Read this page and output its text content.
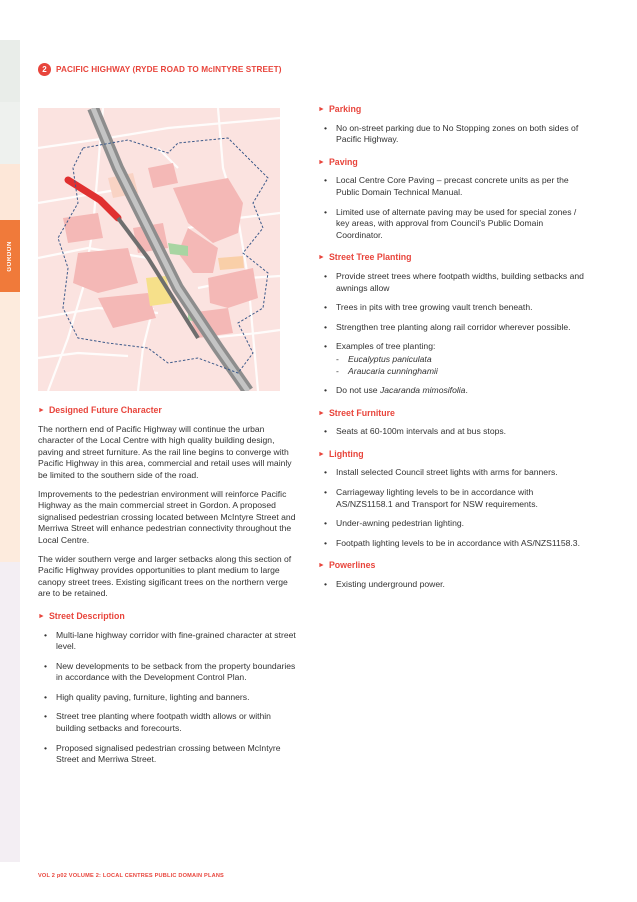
GORDON
2	PACIFIC HIGHWAY (RYDE ROAD TO McINTYRE STREET)
► Designed Future Character

The northern end of Pacific Highway will continue the urban character of the Local Centre with high quality building design, paving and street furniture. As the rail line begins to converge with Pacific Highway in this area, commercial and retail uses will mainly be limited to the southern side of the road.

Improvements to the pedestrian environment will reinforce Pacific Highway as the main commercial street in Gordon. A proposed signalised pedestrian crossing located between McIntyre Street and Merriwa Street will enhance pedestrian connectivity throughout the Local Centre.

The wider southern verge and larger setbacks along this section of Pacific Highway provides opportunities to plant medium to large canopy street trees. Existing sigificant trees on the northern verge are to be retained.

► Street Description
• Multi-lane highway corridor with fine-grained character at street level.
• New developments to be setback from the property boundaries in accordance with the Development Control Plan.
• High quality paving, furniture, lighting and banners.
• Street tree planting where footpath width allows or within building setbacks and forecourts.
• Proposed signalised pedestrian crossing between McIntyre Street and Merriwa Street.
► Parking
• No on-street parking due to No Stopping zones on both sides of Pacific Highway.
► Paving
• Local Centre Core Paving – precast concrete units as per the Public Domain Technical Manual.
• Limited use of alternate paving may be used for special zones / key areas, with approval from Council’s Public Domain Coordinator.
► Street Tree Planting
• Provide street trees where footpath widths, building setbacks and awnings allow
• Trees in pits with tree growing vault trench beneath.
• Strengthen tree planting along rail corridor wherever possible.
• Examples of tree planting:
- Eucalyptus paniculata
- Araucaria cunninghamii
• Do not use Jacaranda mimosifolia.
► Street Furniture
• Seats at 60-100m intervals and at bus stops.
► Lighting
• Install selected Council street lights with arms for banners.
• Carriageway lighting levels to be in accordance with AS/NZS1158.1 and Transport for NSW requirements.
• Under-awning pedestrian lighting.
• Footpath lighting levels to be in accordance with AS/NZS1158.3.
► Powerlines
• Existing underground power.
VOL 2 p02 VOLUME 2: LOCAL CENTRES PUBLIC DOMAIN PLANS
